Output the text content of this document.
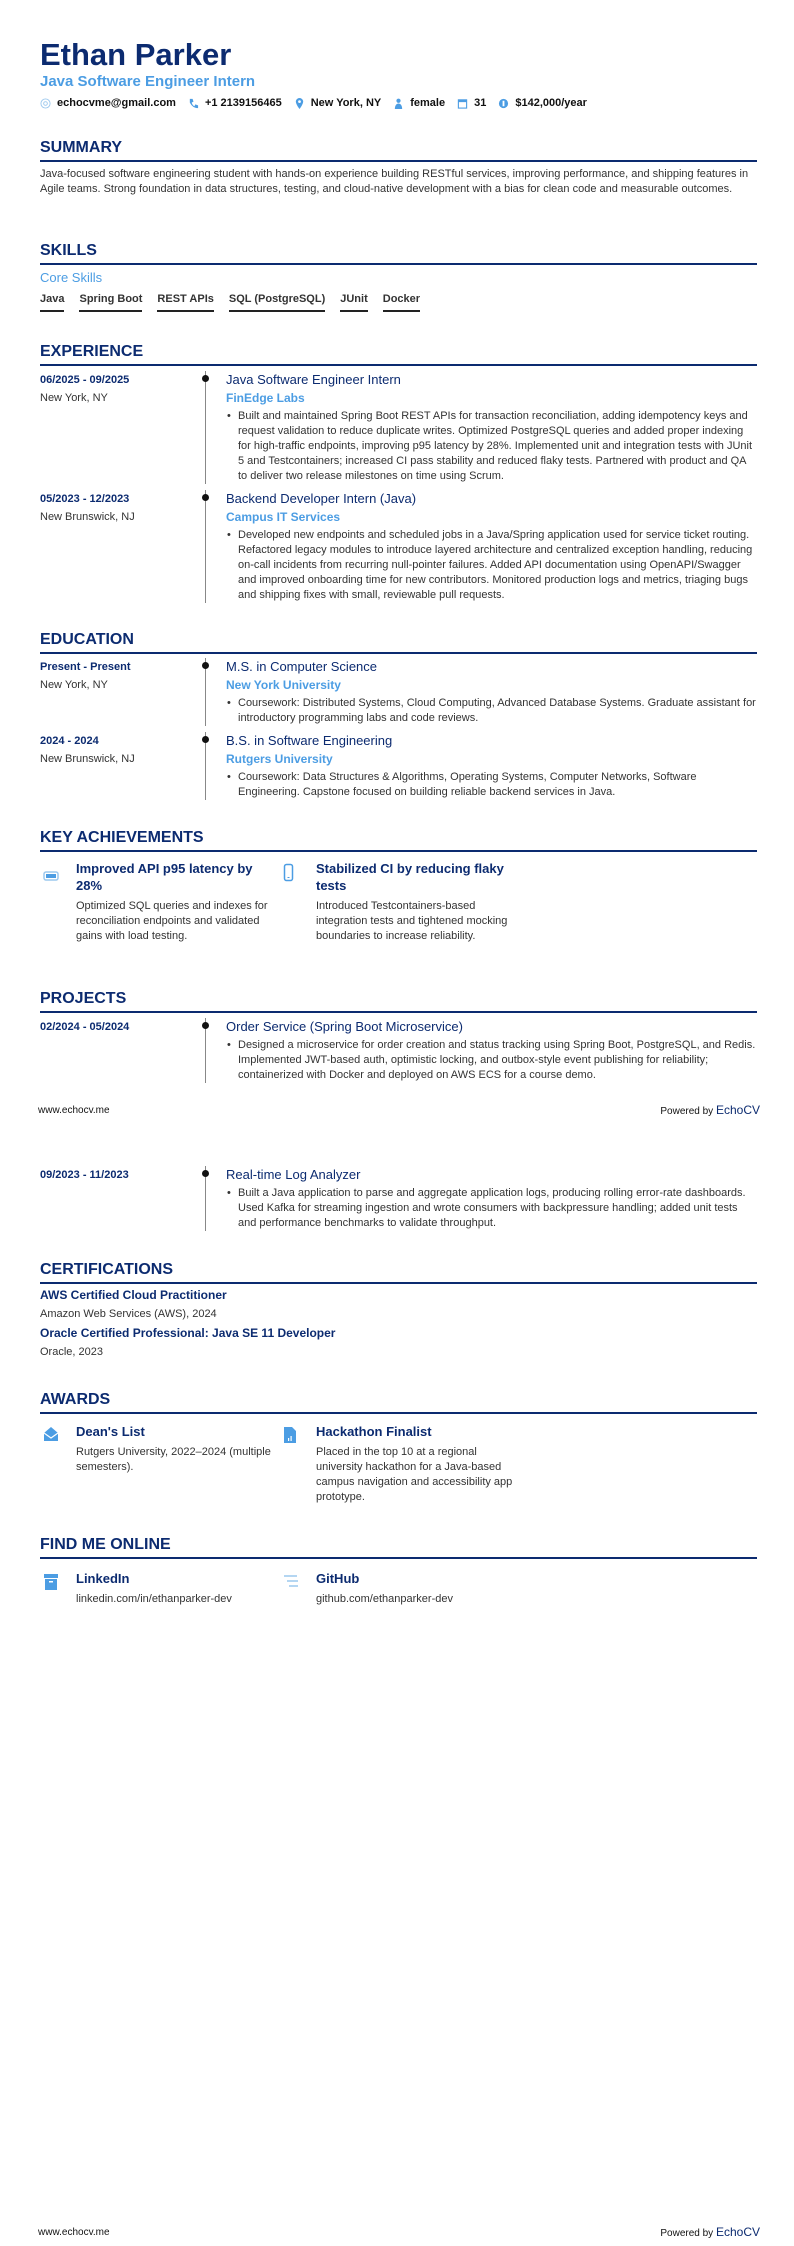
Ethan Parker
Java Software Engineer Intern
echocvme@gmail.com	+1 2139156465	New York, NY	female	31	$142,000/year
SUMMARY

Java-focused software engineering student with hands-on experience building RESTful services, improving performance, and shipping features in Agile teams. Strong foundation in data structures, testing, and cloud-native development with a bias for clean code and measurable outcomes.

SKILLS
Core Skills
Java Spring Boot REST APIs SQL (PostgreSQL) JUnit Docker
EXPERIENCE
06/2025 - 09/2025
New York, NY
Java Software Engineer Intern
FinEdge Labs
• Built and maintained Spring Boot REST APIs for transaction reconciliation, adding idempotency keys and request validation to reduce duplicate writes. Optimized PostgreSQL queries and added proper indexing for high-traffic endpoints, improving p95 latency by 28%. Implemented unit and integration tests with JUnit 5 and Testcontainers; increased CI pass stability and reduced flaky tests. Partnered with product and QA to deliver two release milestones on time using Scrum.
05/2023 - 12/2023
New Brunswick, NJ
Backend Developer Intern (Java)
Campus IT Services
• Developed new endpoints and scheduled jobs in a Java/Spring application used for service ticket routing. Refactored legacy modules to introduce layered architecture and centralized exception handling, reducing on-call incidents from recurring null-pointer failures. Added API documentation using OpenAPI/Swagger and improved onboarding time for new contributors. Monitored production logs and metrics, triaging bugs and shipping fixes with small, reviewable pull requests.
EDUCATION
Present - Present
New York, NY
M.S. in Computer Science
New York University
• Coursework: Distributed Systems, Cloud Computing, Advanced Database Systems. Graduate assistant for introductory programming labs and code reviews.
2024 - 2024
New Brunswick, NJ
B.S. in Software Engineering
Rutgers University
• Coursework: Data Structures & Algorithms, Operating Systems, Computer Networks, Software Engineering. Capstone focused on building reliable backend services in Java.
KEY ACHIEVEMENTS
Improved API p95 latency by 28%
Optimized SQL queries and indexes for reconciliation endpoints and validated gains with load testing.
Stabilized CI by reducing flaky tests
Introduced Testcontainers-based integration tests and tightened mocking boundaries to increase reliability.
PROJECTS
02/2024 - 05/2024	Order Service (Spring Boot Microservice)
• Designed a microservice for order creation and status tracking using Spring Boot, PostgreSQL, and Redis. Implemented JWT-based auth, optimistic locking, and outbox-style event publishing for reliability; containerized with Docker and deployed on AWS ECS for a course demo.
www.echocv.me	Powered by EchoCV
09/2023 - 11/2023	Real-time Log Analyzer
• Built a Java application to parse and aggregate application logs, producing rolling error-rate dashboards. Used Kafka for streaming ingestion and wrote consumers with backpressure handling; added unit tests and performance benchmarks to validate throughput.
CERTIFICATIONS
AWS Certified Cloud Practitioner
Amazon Web Services (AWS), 2024
Oracle Certified Professional: Java SE 11 Developer
Oracle, 2023
AWARDS
Dean's List
Rutgers University, 2022–2024 (multiple semesters).
Hackathon Finalist
Placed in the top 10 at a regional university hackathon for a Java-based campus navigation and accessibility app prototype.
FIND ME ONLINE
LinkedIn
linkedin.com/in/ethanparker-dev
GitHub
github.com/ethanparker-dev
www.echocv.me	Powered by EchoCV
